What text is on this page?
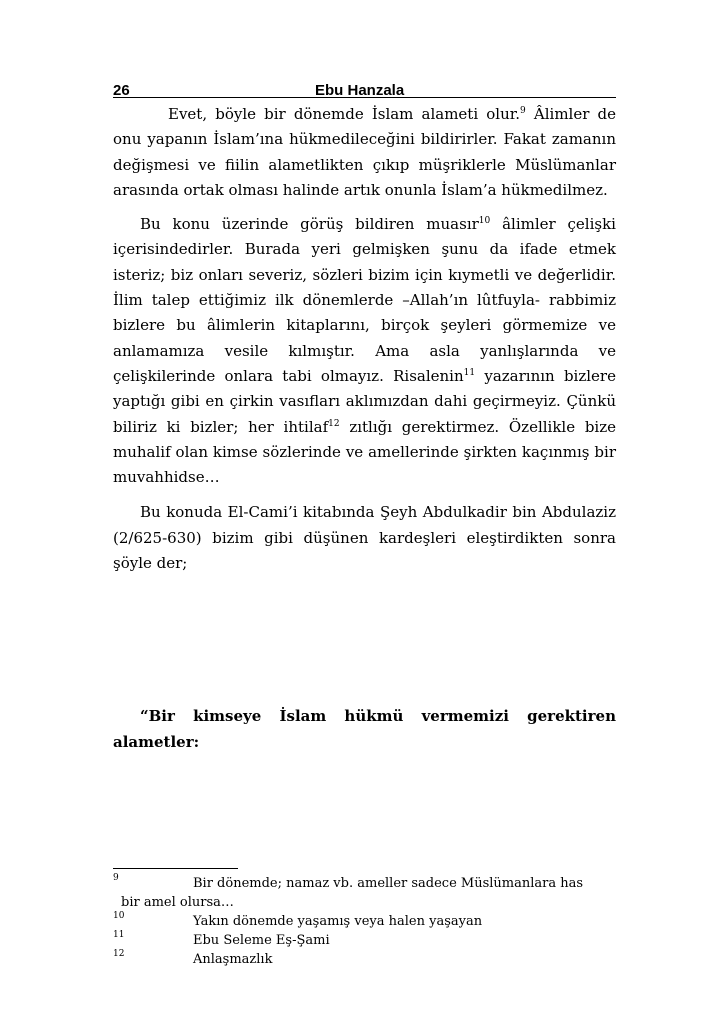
26	Ebu Hanzala

Evet, böyle bir dönemde İslam alameti olur.$^9$ Âlimler de onu yapanın İslam’ına hükmedileceğini bildirirler. Fakat zamanın değişmesi ve fiilin alametlikten çıkıp müşriklerle Müslümanlar arasında ortak olması halinde artık onunla İslam’a hükmedilmez.

Bu konu üzerinde görüş bildiren muasır$^{10}$ âlimler çelişki içerisindedirler. Burada yeri gelmişken şunu da ifade etmek isteriz; biz onları severiz, sözleri bizim için kıymetli ve değerlidir. İlim talep ettiğimiz ilk dönemlerde –Allah’ın lûtfuyla- rabbimiz bizlere bu âlimlerin kitaplarını, birçok şeyleri görmemize ve anlamamıza vesile kılmıştır. Ama asla yanlışlarında ve çelişkilerinde onlara tabi olmayız. Risalenin$^{11}$ yazarının bizlere yaptığı gibi en çirkin vasıfları aklımızdan dahi geçirmeyiz. Çünkü biliriz ki bizler; her ihtilaf$^{12}$ zıtlığı gerektirmez. Özellikle bize muhalif olan kimse sözlerinde ve amellerinde şirkten kaçınmış bir muvahhidse…

Bu konuda El-Cami’i kitabında Şeyh Abdulkadir bin Abdulaziz (2/625-630) bizim gibi düşünen kardeşleri eleştirdikten sonra şöyle der;

“Bir kimseye İslam hükmü vermemizi gerektiren alametler:

9	Bir dönemde; namaz vb. ameller sadece Müslümanlara has
bir amel olursa…
10	Yakın dönemde yaşamış veya halen yaşayan
11	Ebu Seleme Eş-Şami
12	Anlaşmazlık
